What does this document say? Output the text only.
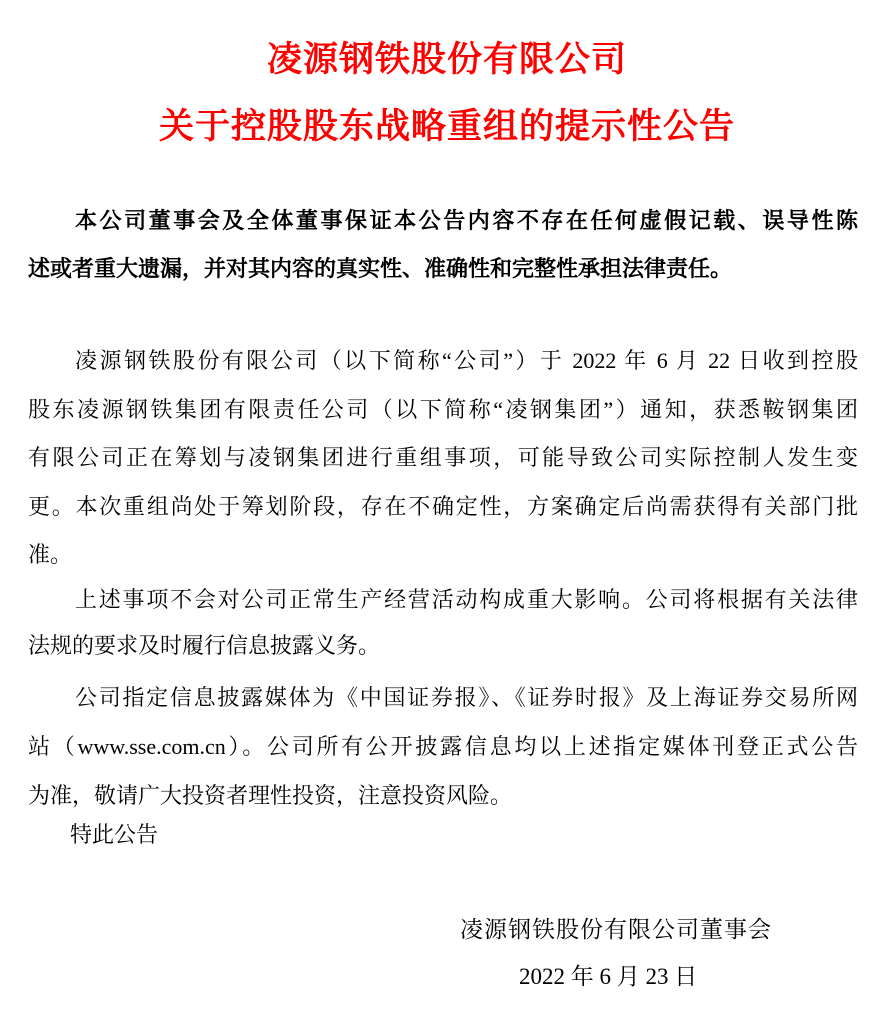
凌源钢铁股份有限公司
关于控股股东战略重组的提示性公告
本公司董事会及全体董事保证本公告内容不存在任何虚假记载、误导性陈
述或者重大遗漏，并对其内容的真实性、准确性和完整性承担法律责任。
凌源钢铁股份有限公司（以下简称“公司”）于 2022 年 6 月 22 日收到控股
股东凌源钢铁集团有限责任公司（以下简称“凌钢集团”）通知，获悉鞍钢集团
有限公司正在筹划与凌钢集团进行重组事项，可能导致公司实际控制人发生变
更。本次重组尚处于筹划阶段，存在不确定性，方案确定后尚需获得有关部门批
准。
上述事项不会对公司正常生产经营活动构成重大影响。公司将根据有关法律
法规的要求及时履行信息披露义务。
公司指定信息披露媒体为《中国证券报》、《证券时报》及上海证券交易所网
站（www.sse.com.cn）。公司所有公开披露信息均以上述指定媒体刊登正式公告
为准，敬请广大投资者理性投资，注意投资风险。
特此公告
凌源钢铁股份有限公司董事会
2022 年 6 月 23 日
